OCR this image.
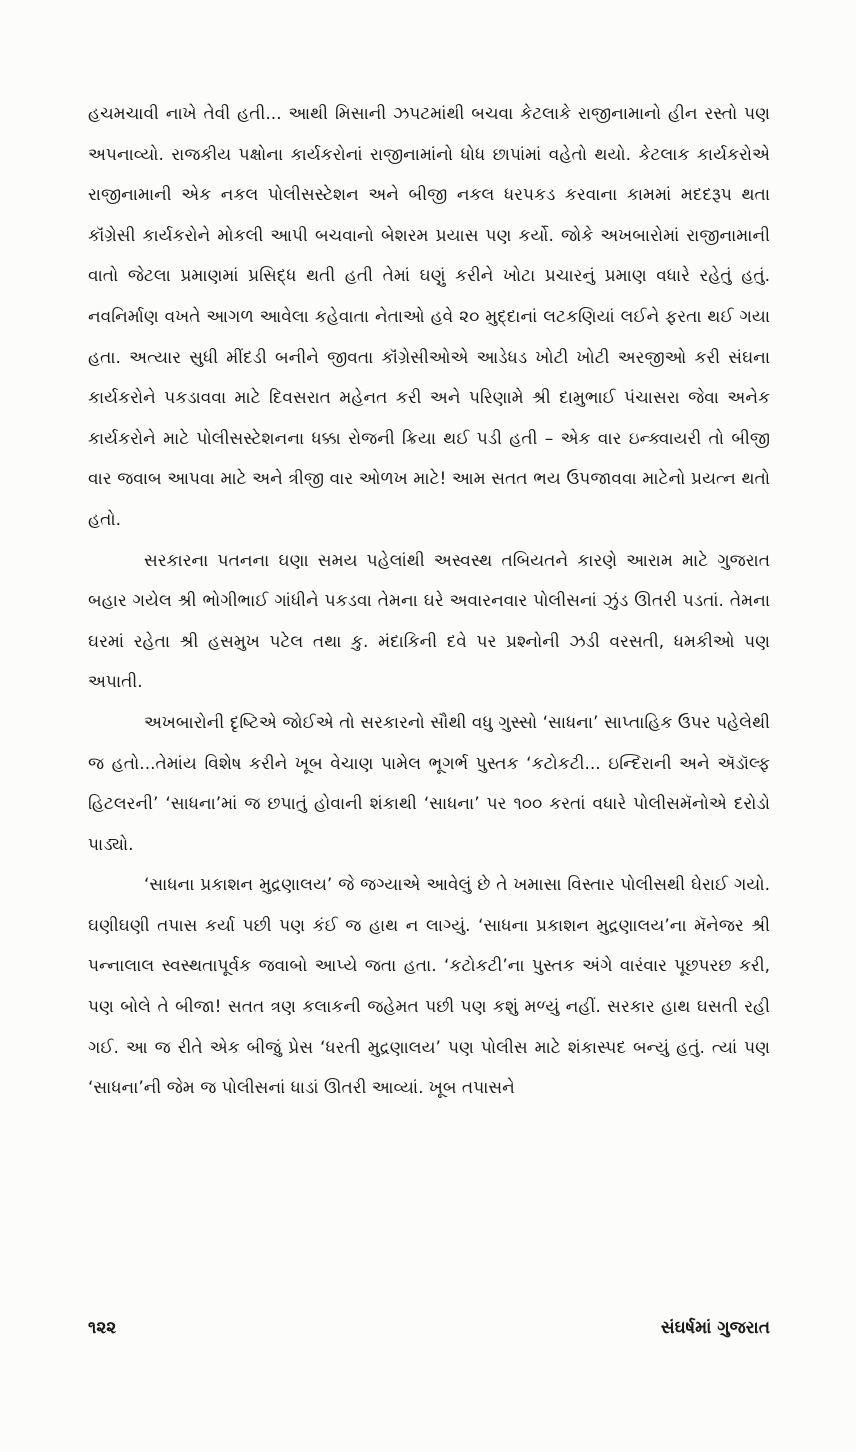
હચમચાવી નાખે તેવી હતી... આથી મિસાની ઝપટમાંથી બચવા કેટલાકે રાજીનામાનો હીન રસ્તો પણ અપનાવ્યો. રાજકીય પક્ષોના કાર્યકરોનાં રાજીનામાંનો ધોધ છાપાંમાં વહેતો થયો. કેટલાક કાર્યકરોએ રાજીનામાની એક નકલ પોલીસસ્ટેશન અને બીજી નકલ ધરપકડ કરવાના કામમાં મદદરૂપ થતા કૉંગ્રેસી કાર્યકરોને મોકલી આપી બચવાનો બેશરમ પ્રયાસ પણ કર્યો. જોકે અખબારોમાં રાજીનામાની વાતો જેટલા પ્રમાણમાં પ્રસિદ્ધ થતી હતી તેમાં ઘણું કરીને ખોટા પ્રચારનું પ્રમાણ વધારે રહેતું હતું. નવનિર્માણ વખતે આગળ આવેલા કહેવાતા નેતાઓ હવે ૨૦ મુદ્દાનાં લટકણિયાં લઈને ફરતા થઈ ગયા હતા. અત્યાર સુધી મીંદડી બનીને જીવતા કૉંગ્રેસીઓએ આડેધડ ખોટી ખોટી અરજીઓ કરી સંઘના કાર્યકરોને પકડાવવા માટે દિવસરાત મહેનત કરી અને પરિણામે શ્રી દામુભાઈ પંચાસરા જેવા અનેક કાર્યકરોને માટે પોલીસસ્ટેશનના ધક્કા રોજની ક્રિયા થઈ પડી હતી – એક વાર ઇન્ક્વાયરી તો બીજી વાર જવાબ આપવા માટે અને ત્રીજી વાર ઓળખ માટે! આમ સતત ભય ઉપજાવવા માટેનો પ્રયત્ન થતો હતો.

સરકારના પતનના ઘણા સમય પહેલાંથી અસ્વસ્થ તબિયતને કારણે આરામ માટે ગુજરાત બહાર ગયેલ શ્રી ભોગીભાઈ ગાંધીને પકડવા તેમના ઘરે અવારનવાર પોલીસનાં ઝુંડ ઊતરી પડતાં. તેમના ઘરમાં રહેતા શ્રી હસમુખ પટેલ તથા કુ. મંદાકિની દવે પર પ્રશ્નોની ઝડી વરસતી, ધમકીઓ પણ અપાતી.

અખબારોની દૃષ્ટિએ જોઈએ તો સરકારનો સૌથી વધુ ગુસ્સો ‘સાધના’ સાપ્તાહિક ઉપર પહેલેથી જ હતો...તેમાંય વિશેષ કરીને ખૂબ વેચાણ પામેલ ભૂગર્ભ પુસ્તક ‘કટોકટી... ઇન્દિરાની અને ઍડૉલ્ફ હિટલરની’ ‘સાધના’માં જ છપાતું હોવાની શંકાથી ‘સાધના’ પર ૧૦૦ કરતાં વધારે પોલીસમૅનોએ દરોડો પાડ્યો.

‘સાધના પ્રકાશન મુદ્રણાલય’ જે જગ્યાએ આવેલું છે તે ખમાસા વિસ્તાર પોલીસથી ઘેરાઈ ગયો. ઘણીઘણી તપાસ કર્યા પછી પણ કંઈ જ હાથ ન લાગ્યું. ‘સાધના પ્રકાશન મુદ્રણાલય’ના મૅનેજર શ્રી પન્નાલાલ સ્વસ્થતાપૂર્વક જવાબો આપ્યે જતા હતા. ‘કટોકટી’ના પુસ્તક અંગે વારંવાર પૂછપરછ કરી, પણ બોલે તે બીજા! સતત ત્રણ કલાકની જહેમત પછી પણ કશું મળ્યું નહીં. સરકાર હાથ ઘસતી રહી ગઈ. આ જ રીતે એક બીજું પ્રેસ ‘ધરતી મુદ્રણાલય’ પણ પોલીસ માટે શંકાસ્પદ બન્યું હતું. ત્યાં પણ ‘સાધના’ની જેમ જ પોલીસનાં ધાડાં ઊતરી આવ્યાં. ખૂબ તપાસને

૧૨૨	સંઘર્ષમાં ગુજરાત
